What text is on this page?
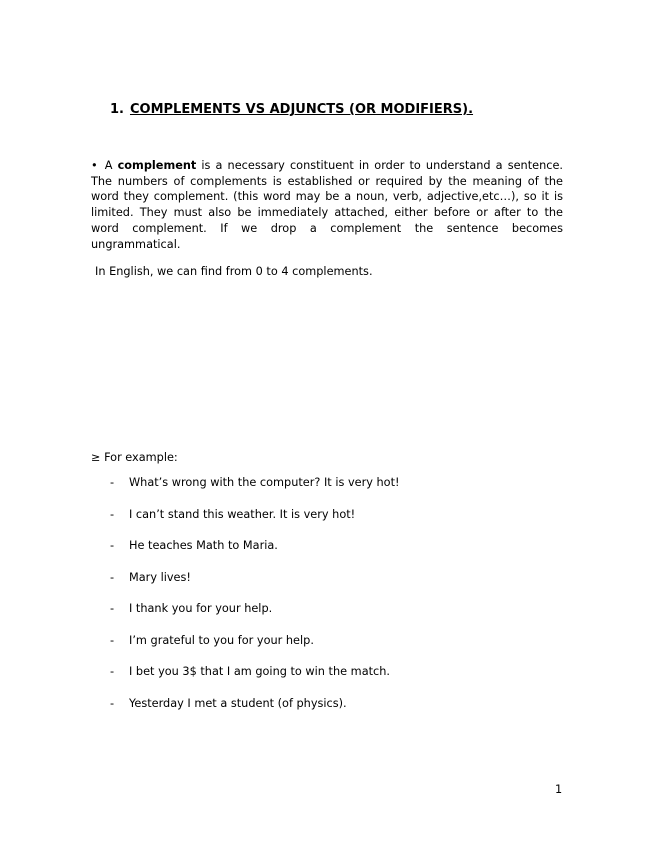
1. COMPLEMENTS VS ADJUNCTS (OR MODIFIERS).

• A complement is a necessary constituent in order to understand a sentence. The numbers of complements is established or required by the meaning of the word they complement. (this word may be a noun, verb, adjective,etc…), so it is limited. They must also be immediately attached, either before or after to the word complement. If we drop a complement the sentence becomes ungrammatical.

In English, we can find from 0 to 4 complements.
≥ For example:
- What’s wrong with the computer? It is very hot!
- I can’t stand this weather. It is very hot!
- He teaches Math to Maria.
- Mary lives!
- I thank you for your help.
- I’m grateful to you for your help.
- I bet you 3$ that I am going to win the match.
- Yesterday I met a student (of physics).
1
